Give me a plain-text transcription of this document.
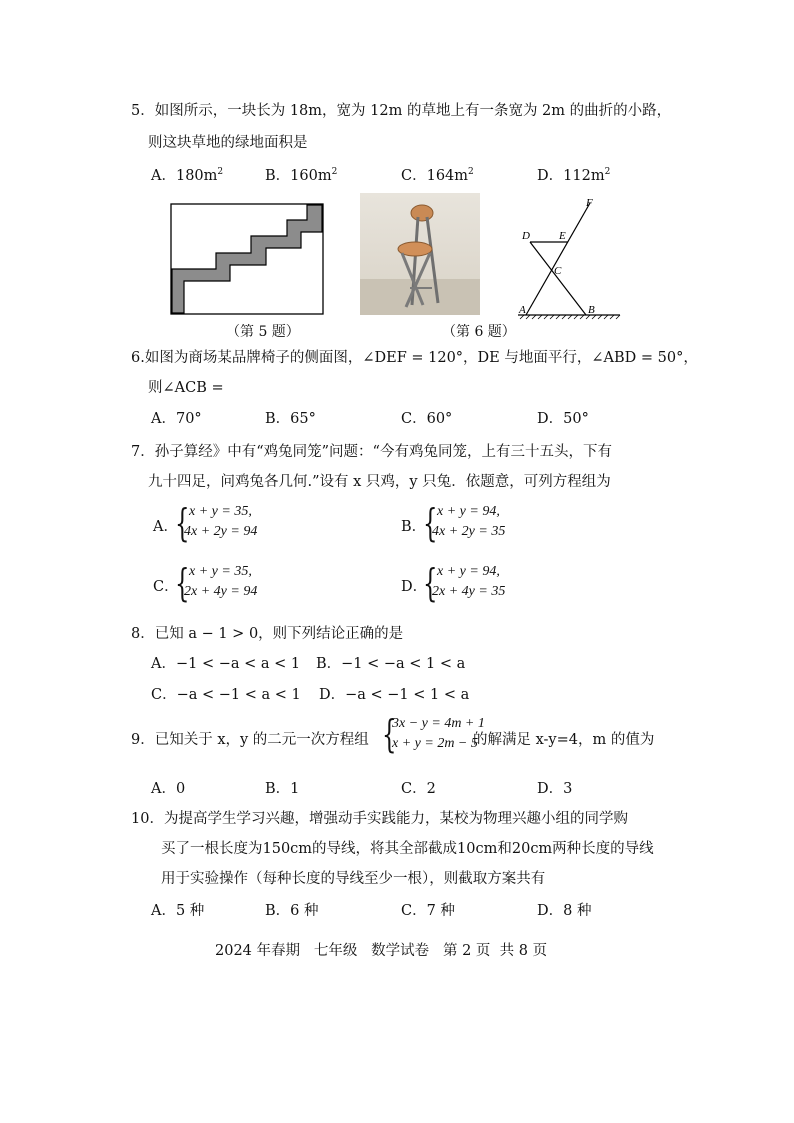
5．如图所示，一块长为 18m，宽为 12m 的草地上有一条宽为 2m 的曲折的小路，
则这块草地的绿地面积是
A．$180m^2$	B．$160m^2$	C．$164m^2$	D．$112m^2$
（第 5 题）	（第 6 题）
F
D	E
C
A	B
6.如图为商场某品牌椅子的侧面图，∠DEF = 120°，DE 与地面平行，∠ABD = 50°，
则∠ACB =
A．70°	B．65°	C．60°	D．50°
7．孙子算经》中有“鸡兔同笼”问题：“今有鸡兔同笼，上有三十五头，下有
九十四足，问鸡兔各几何.”设有 x 只鸡，y 只兔．依题意，可列方程组为
A．
{ x + y = 35,
4x + 2y = 94	B．
{ x + y = 94,
4x + 2y = 35
C．
{ x + y = 35,
2x + 4y = 94	D．
{ x + y = 94,
2x + 4y = 35
8．已知 a − 1 > 0，则下列结论正确的是
A．−1 < −a < a < 1 B．−1 < −a < 1 < a
C．−a < −1 < a < 1 D．−a < −1 < 1 < a
9．已知关于 x，y 的二元一次方程组 {
3x − y = 4m + 1
x + y = 2m − 5
的解满足 x-y=4，m 的值为
A．0	B．1	C．2	D．3
10．为提高学生学习兴趣，增强动手实践能力，某校为物理兴趣小组的同学购
买了一根长度为150cm的导线，将其全部截成10cm和20cm两种长度的导线
用于实验操作（每种长度的导线至少一根），则截取方案共有
A．5 种	B．6 种	C．7 种	D．8 种
2024 年春期   七年级   数学试卷   第 2 页  共 8 页
